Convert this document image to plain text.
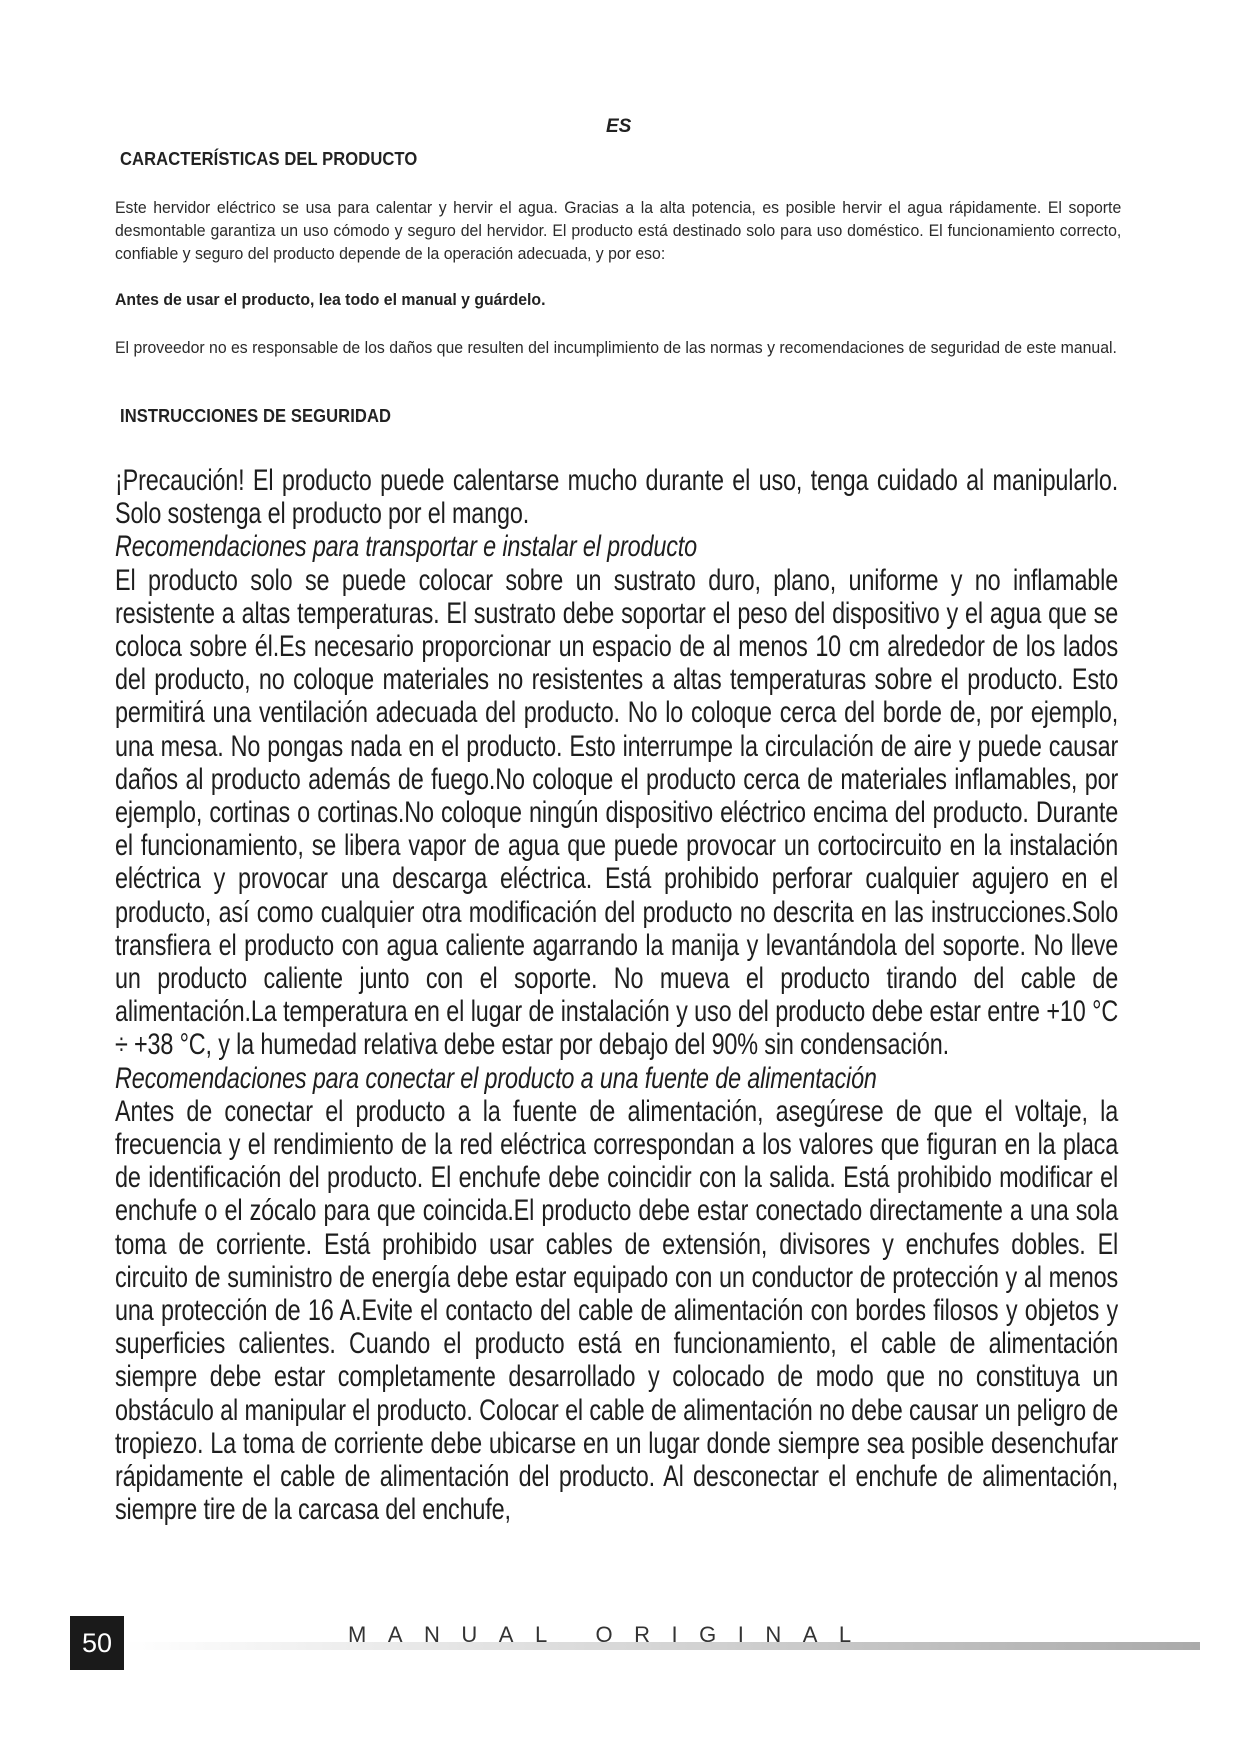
ES
CARACTERÍSTICAS DEL PRODUCTO
Este hervidor eléctrico se usa para calentar y hervir el agua. Gracias a la alta potencia, es posible hervir el agua rápidamente. El soporte desmontable garantiza un uso cómodo y seguro del hervidor. El producto está destinado solo para uso doméstico. El funcionamiento correcto, confiable y seguro del producto depende de la operación adecuada, y por eso:
Antes de usar el producto, lea todo el manual y guárdelo.
El proveedor no es responsable de los daños que resulten del incumplimiento de las normas y recomendaciones de seguridad de este manual.
INSTRUCCIONES DE SEGURIDAD

¡Precaución! El producto puede calentarse mucho durante el uso, tenga cuidado al manipularlo. Solo sostenga el producto por el mango.

Recomendaciones para transportar e instalar el producto

El producto solo se puede colocar sobre un sustrato duro, plano, uniforme y no inflamable resistente a altas temperaturas. El sustrato debe soportar el peso del dispositivo y el agua que se coloca sobre él.Es necesario proporcionar un espacio de al menos 10 cm alrededor de los lados del producto, no coloque materiales no resistentes a altas temperaturas sobre el producto. Esto permitirá una ventilación adecuada del producto. No lo coloque cerca del borde de, por ejemplo, una mesa. No pongas nada en el producto. Esto interrumpe la circulación de aire y puede causar daños al producto además de fuego.No coloque el producto cerca de materiales inflamables, por ejemplo, cortinas o cortinas.No coloque ningún dispositivo eléctrico encima del producto. Durante el funcionamiento, se libera vapor de agua que puede provocar un cortocircuito en la instalación eléctrica y provocar una descarga eléctrica. Está prohibido perforar cualquier agujero en el producto, así como cualquier otra modificación del producto no descrita en las instrucciones.Solo transfiera el producto con agua caliente agarrando la manija y levantándola del soporte. No lleve un producto caliente junto con el soporte. No mueva el producto tirando del cable de alimentación.La temperatura en el lugar de instalación y uso del producto debe estar entre +10 °C ÷ +38 °C, y la humedad relativa debe estar por debajo del 90% sin condensación.

Recomendaciones para conectar el producto a una fuente de alimentación

Antes de conectar el producto a la fuente de alimentación, asegúrese de que el voltaje, la frecuencia y el rendimiento de la red eléctrica correspondan a los valores que figuran en la placa de identificación del producto. El enchufe debe coincidir con la salida. Está prohibido modificar el enchufe o el zócalo para que coincida.El producto debe estar conectado directamente a una sola toma de corriente. Está prohibido usar cables de extensión, divisores y enchufes dobles. El circuito de suministro de energía debe estar equipado con un conductor de protección y al menos una protección de 16 A.Evite el contacto del cable de alimentación con bordes filosos y objetos y superficies calientes. Cuando el producto está en funcionamiento, el cable de alimentación siempre debe estar completamente desarrollado y colocado de modo que no constituya un obstáculo al manipular el producto. Colocar el cable de alimentación no debe causar un peligro de tropiezo. La toma de corriente debe ubicarse en un lugar donde siempre sea posible desenchufar rápidamente el cable de alimentación del producto. Al desconectar el enchufe de alimentación, siempre tire de la carcasa del enchufe,

50	MANUAL ORIGINAL
